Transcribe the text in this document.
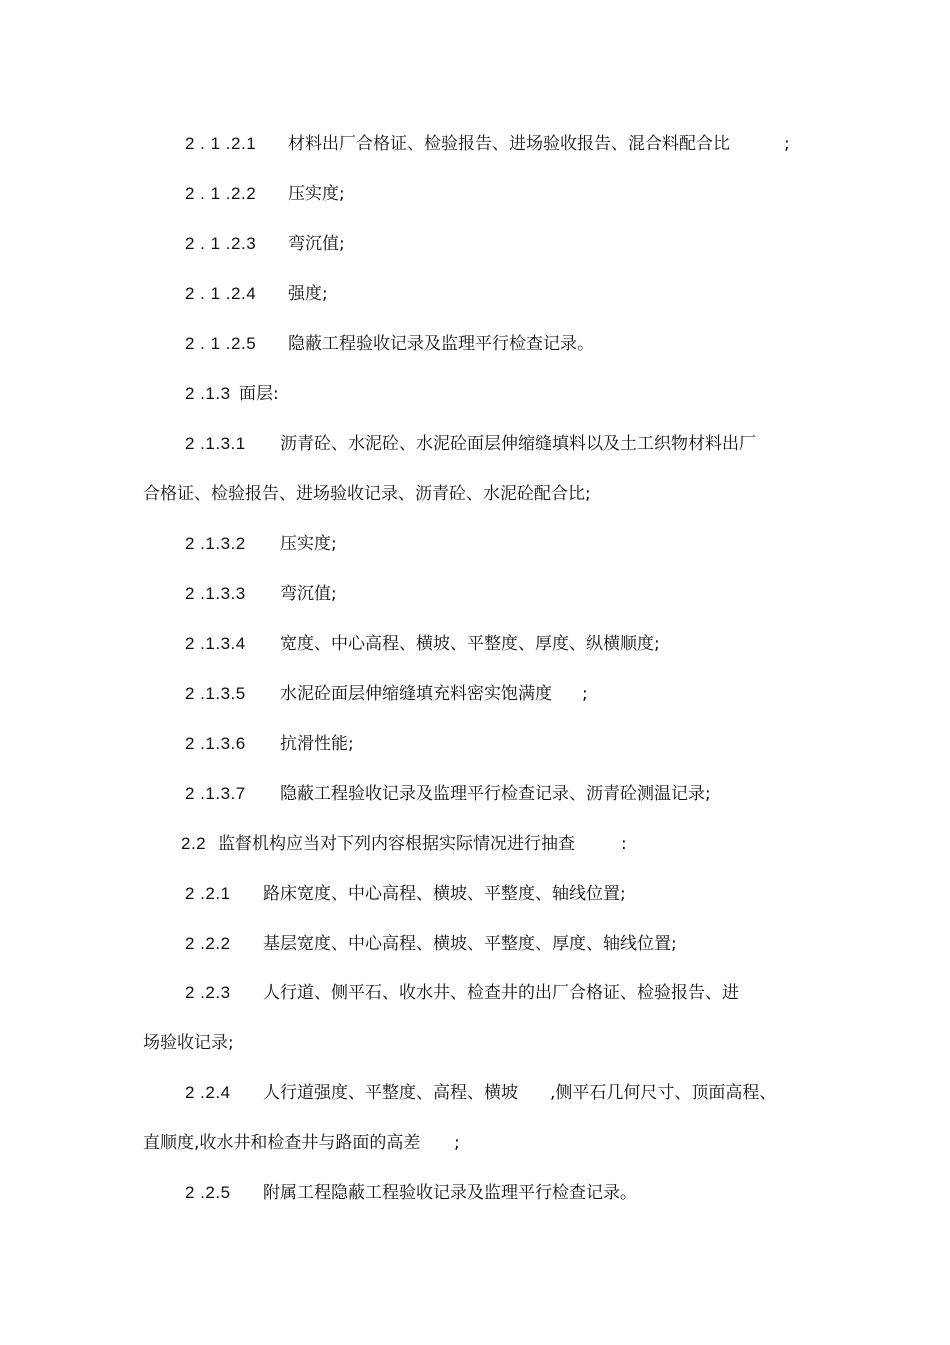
2 . 1 .2.1 材料出厂合格证、检验报告、进场验收报告、混合料配合比	;
2 . 1 .2.2 压实度;
2 . 1 .2.3 弯沉值;
2 . 1 .2.4 强度;
2 . 1 .2.5 隐蔽工程验收记录及监理平行检查记录。
2 .1.3 面层:
2 .1.3.1 沥青砼、水泥砼、水泥砼面层伸缩缝填料以及土工织物材料出厂
合格证、检验报告、进场验收记录、沥青砼、水泥砼配合比;
2 .1.3.2 压实度;
2 .1.3.3 弯沉值;
2 .1.3.4 宽度、中心高程、横坡、平整度、厚度、纵横顺度;
2 .1.3.5 水泥砼面层伸缩缝填充料密实饱满度 ;
2 .1.3.6 抗滑性能;
2 .1.3.7 隐蔽工程验收记录及监理平行检查记录、沥青砼测温记录;
2.2 监督机构应当对下列内容根据实际情况进行抽查	:
2 .2.1 路床宽度、中心高程、横坡、平整度、轴线位置;
2 .2.2 基层宽度、中心高程、横坡、平整度、厚度、轴线位置;
2 .2.3 人行道、侧平石、收水井、检查井的出厂合格证、检验报告、进
场验收记录;
2 .2.4 人行道强度、平整度、高程、横坡 ,侧平石几何尺寸、顶面高程、
直顺度,收水井和检查井与路面的高差 ;
2 .2.5 附属工程隐蔽工程验收记录及监理平行检查记录。
